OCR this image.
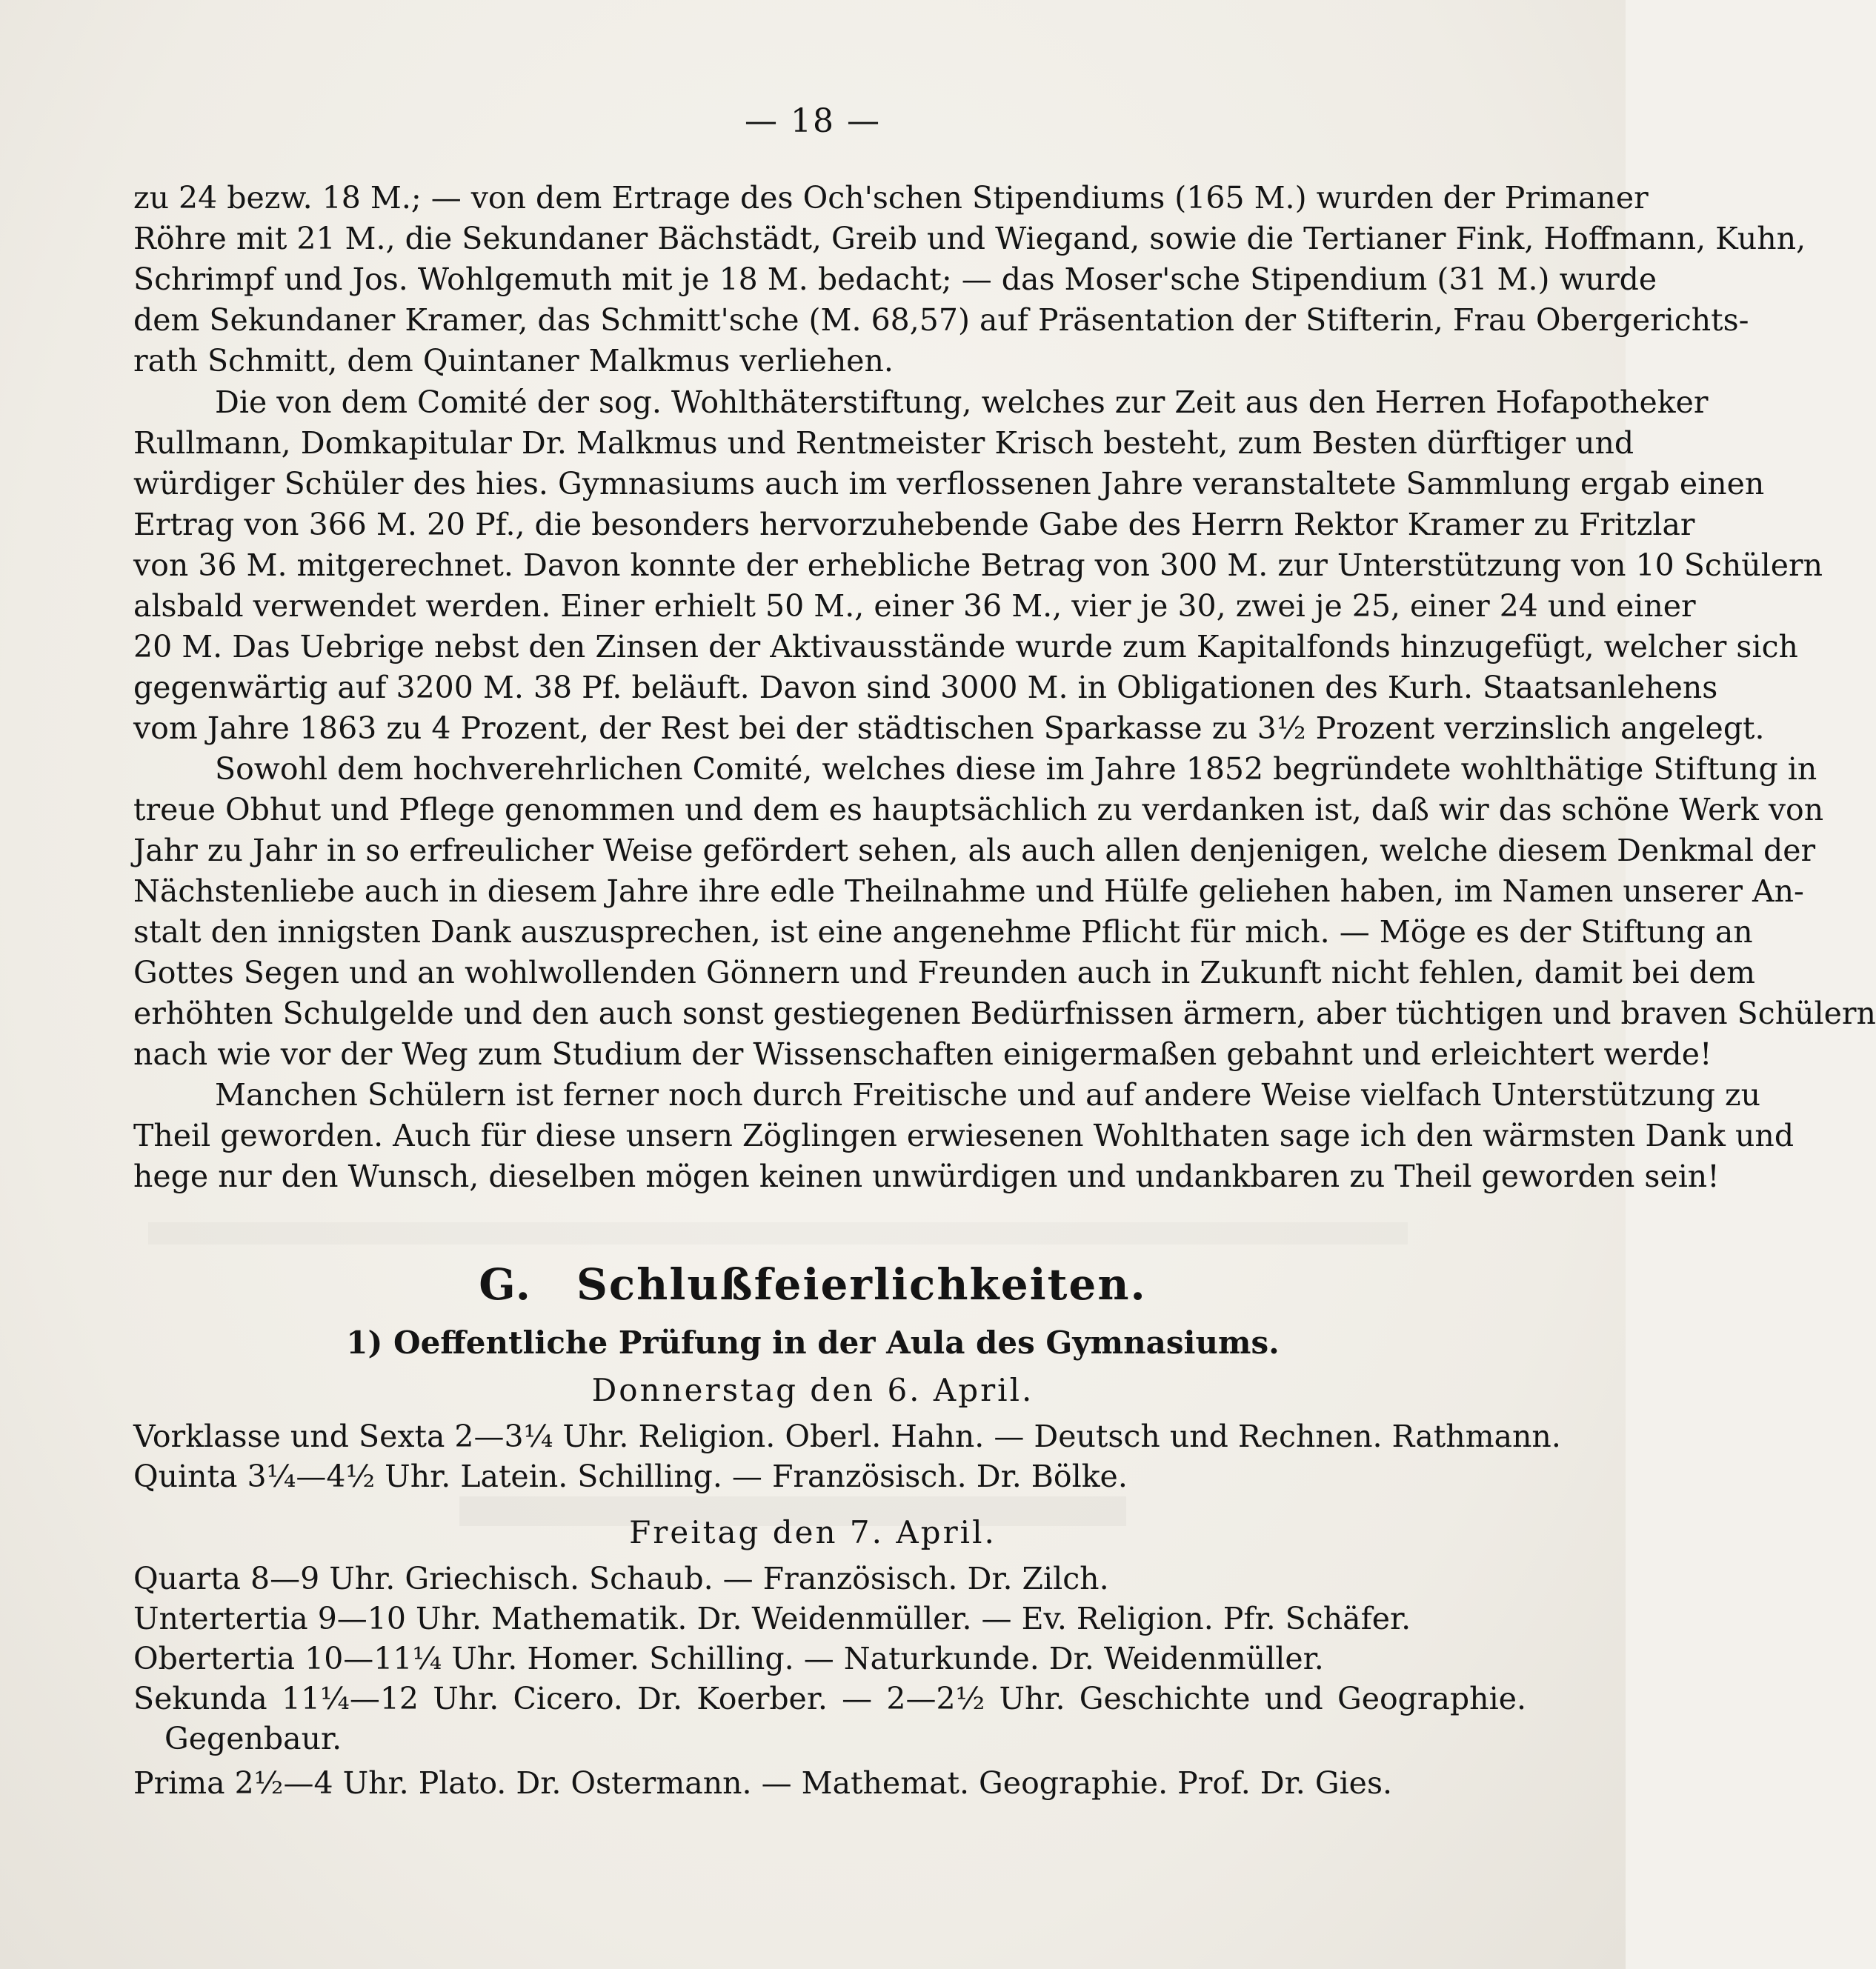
— 18 —
zu 24 bezw. 18 M.; — von dem Ertrage des Och'schen Stipendiums (165 M.) wurden der Primaner
Röhre mit 21 M., die Sekundaner Bächstädt, Greib und Wiegand, sowie die Tertianer Fink, Hoffmann, Kuhn,
Schrimpf und Jos. Wohlgemuth mit je 18 M. bedacht; — das Moser'sche Stipendium (31 M.) wurde
dem Sekundaner Kramer, das Schmitt'sche (M. 68,57) auf Präsentation der Stifterin, Frau Obergerichts-
rath Schmitt, dem Quintaner Malkmus verliehen.
Die von dem Comité der sog. Wohlthäterstiftung, welches zur Zeit aus den Herren Hofapotheker
Rullmann, Domkapitular Dr. Malkmus und Rentmeister Krisch besteht, zum Besten dürftiger und
würdiger Schüler des hies. Gymnasiums auch im verflossenen Jahre veranstaltete Sammlung ergab einen
Ertrag von 366 M. 20 Pf., die besonders hervorzuhebende Gabe des Herrn Rektor Kramer zu Fritzlar
von 36 M. mitgerechnet. Davon konnte der erhebliche Betrag von 300 M. zur Unterstützung von 10 Schülern
alsbald verwendet werden. Einer erhielt 50 M., einer 36 M., vier je 30, zwei je 25, einer 24 und einer
20 M. Das Uebrige nebst den Zinsen der Aktivausstände wurde zum Kapitalfonds hinzugefügt, welcher sich
gegenwärtig auf 3200 M. 38 Pf. beläuft. Davon sind 3000 M. in Obligationen des Kurh. Staatsanlehens
vom Jahre 1863 zu 4 Prozent, der Rest bei der städtischen Sparkasse zu 3½ Prozent verzinslich angelegt.
Sowohl dem hochverehrlichen Comité, welches diese im Jahre 1852 begründete wohlthätige Stiftung in
treue Obhut und Pflege genommen und dem es hauptsächlich zu verdanken ist, daß wir das schöne Werk von
Jahr zu Jahr in so erfreulicher Weise gefördert sehen, als auch allen denjenigen, welche diesem Denkmal der
Nächstenliebe auch in diesem Jahre ihre edle Theilnahme und Hülfe geliehen haben, im Namen unserer An-
stalt den innigsten Dank auszusprechen, ist eine angenehme Pflicht für mich. — Möge es der Stiftung an
Gottes Segen und an wohlwollenden Gönnern und Freunden auch in Zukunft nicht fehlen, damit bei dem
erhöhten Schulgelde und den auch sonst gestiegenen Bedürfnissen ärmern, aber tüchtigen und braven Schülern
nach wie vor der Weg zum Studium der Wissenschaften einigermaßen gebahnt und erleichtert werde!
Manchen Schülern ist ferner noch durch Freitische und auf andere Weise vielfach Unterstützung zu
Theil geworden. Auch für diese unsern Zöglingen erwiesenen Wohlthaten sage ich den wärmsten Dank und
hege nur den Wunsch, dieselben mögen keinen unwürdigen und undankbaren zu Theil geworden sein!
G. Schlußfeierlichkeiten.
1) Oeffentliche Prüfung in der Aula des Gymnasiums.
Donnerstag den 6. April.
Vorklasse und Sexta 2—3¼ Uhr. Religion. Oberl. Hahn. — Deutsch und Rechnen. Rathmann.
Quinta 3¼—4½ Uhr. Latein. Schilling. — Französisch. Dr. Bölke.
Freitag den 7. April.
Quarta 8—9 Uhr. Griechisch. Schaub. — Französisch. Dr. Zilch.
Untertertia 9—10 Uhr. Mathematik. Dr. Weidenmüller. — Ev. Religion. Pfr. Schäfer.
Obertertia 10—11¼ Uhr. Homer. Schilling. — Naturkunde. Dr. Weidenmüller.
Sekunda 11¼—12 Uhr. Cicero. Dr. Koerber. — 2—2½ Uhr. Geschichte und Geographie.
Gegenbaur.
Prima 2½—4 Uhr. Plato. Dr. Ostermann. — Mathemat. Geographie. Prof. Dr. Gies.
